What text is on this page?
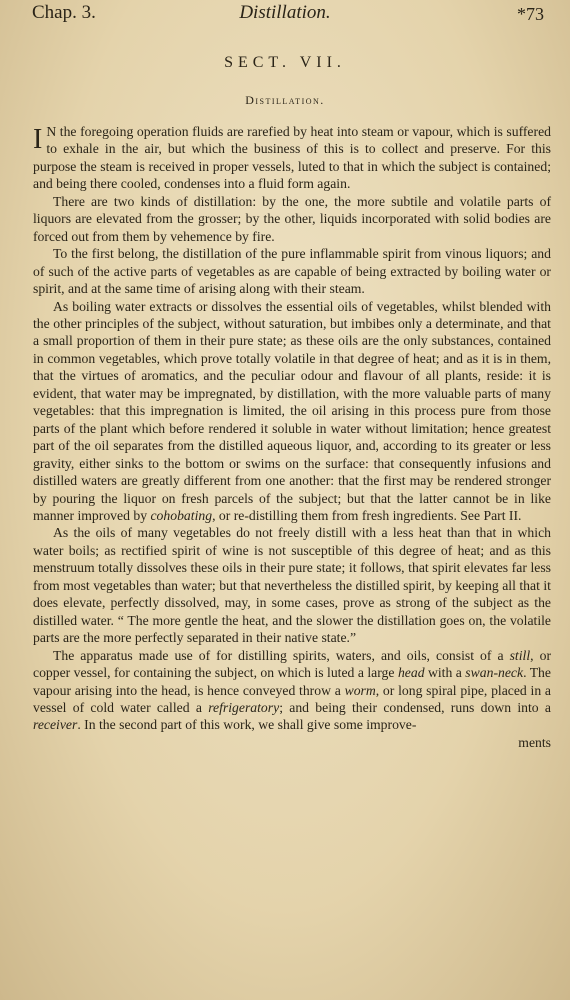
Chap. 3.	Distillation.	*73
SECT. VII.
Distillation.

I N the foregoing operation fluids are rarefied by heat into steam or vapour, which is suffered to exhale in the air, but which the business of this is to collect and preserve. For this purpose the steam is received in proper vessels, luted to that in which the subject is contained; and being there cooled, condenses into a fluid form again.

There are two kinds of distillation: by the one, the more subtile and volatile parts of liquors are elevated from the grosser; by the other, liquids incorporated with solid bodies are forced out from them by vehemence by fire.

To the first belong, the distillation of the pure inflammable spirit from vinous liquors; and of such of the active parts of vegetables as are capable of being extracted by boiling water or spirit, and at the same time of arising along with their steam.

As boiling water extracts or dissolves the essential oils of vegetables, whilst blended with the other principles of the subject, without saturation, but imbibes only a determinate, and that a small proportion of them in their pure state; as these oils are the only substances, contained in common vegetables, which prove totally volatile in that degree of heat; and as it is in them, that the virtues of aromatics, and the peculiar odour and flavour of all plants, reside: it is evident, that water may be impregnated, by distillation, with the more valuable parts of many vegetables: that this impregnation is limited, the oil arising in this process pure from those parts of the plant which before rendered it soluble in water without limitation; hence greatest part of the oil separates from the distilled aqueous liquor, and, according to its greater or less gravity, either sinks to the bottom or swims on the surface: that consequently infusions and distilled waters are greatly different from one another: that the first may be rendered stronger by pouring the liquor on fresh parcels of the subject; but that the latter cannot be in like manner improved by cohobating, or re-distilling them from fresh ingredients. See Part II.

As the oils of many vegetables do not freely distill with a less heat than that in which water boils; as rectified spirit of wine is not susceptible of this degree of heat; and as this menstruum totally dissolves these oils in their pure state; it follows, that spirit elevates far less from most vegetables than water; but that nevertheless the distilled spirit, by keeping all that it does elevate, perfectly dissolved, may, in some cases, prove as strong of the subject as the distilled water. “ The more gentle the heat, and the slower the distillation goes on, the volatile parts are the more perfectly separated in their native state.”

The apparatus made use of for distilling spirits, waters, and oils, consist of a still, or copper vessel, for containing the subject, on which is luted a large head with a swan-neck. The vapour arising into the head, is hence conveyed throw a worm, or long spiral pipe, placed in a vessel of cold water called a refrigeratory; and being their condensed, runs down into a receiver. In the second part of this work, we shall give some improve-

ments
